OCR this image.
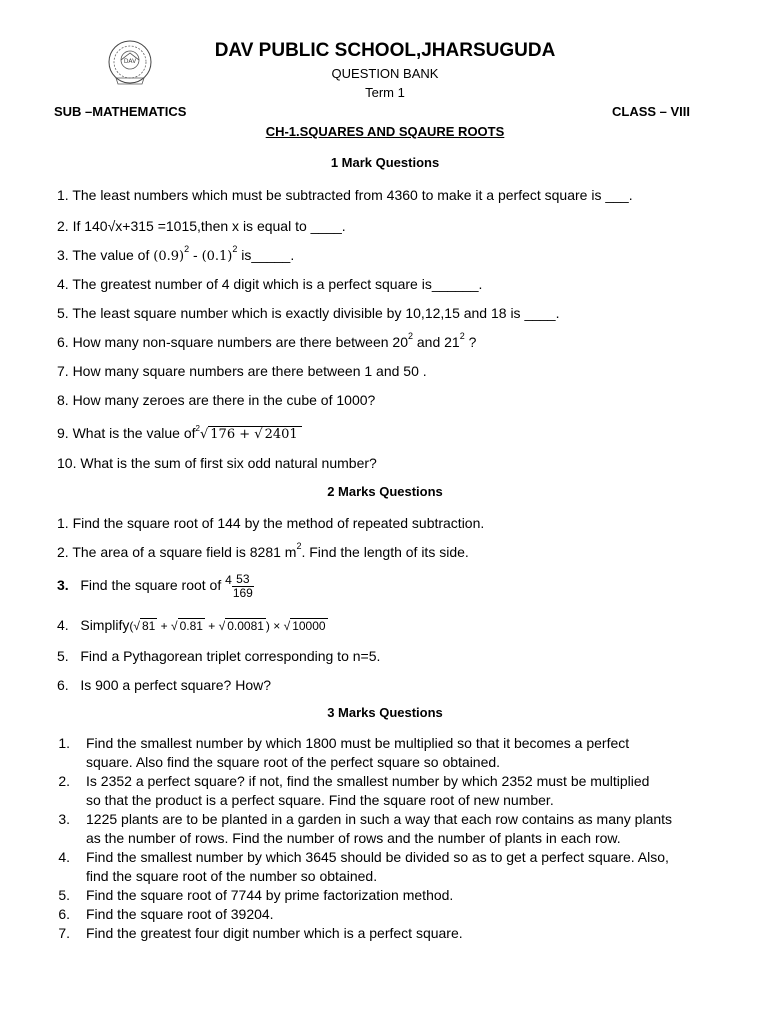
DAV
DAV PUBLIC SCHOOL,JHARSUGUDA
QUESTION BANK
Term 1
SUB –MATHEMATICS	CLASS – VIII
CH-1.SQUARES AND SQAURE ROOTS
1 Mark Questions
1. The least numbers which must be subtracted from 4360 to make it a perfect square is ___.
2. If 140√x+315 =1015,then x is equal to ____.
3. The value of $(0.9)^2 - (0.1)^2$ is_____.
4. The greatest number of 4 digit which is a perfect square is______.
5. The least square number which is exactly divisible by 10,12,15 and 18 is ____.
6. How many non-square numbers are there between $20^2$ and $21^2$ ?
7. How many square numbers are there between 1 and 50 .
8. How many zeroes are there in the cube of 1000?
9. What is the value $of^2√$ 176 + √ 2401
10. What is the sum of first six odd natural number?
2 Marks Questions
1. Find the square root of 144 by the method of repeated subtraction.
2. The area of a square field is 8281 $m^2$. Find the length of its side.
3. Find the square root of $4 \frac{53}{169}$
4. Simplify(√ 81 + √ 0.81 + √ 0.0081 ) × √ 10000
5. Find a Pythagorean triplet corresponding to n=5.
6. Is 900 a perfect square? How?
3 Marks Questions
1. Find the smallest number by which 1800 must be multiplied so that it becomes a perfect
square. Also find the square root of the perfect square so obtained.
2. Is 2352 a perfect square? if not, find the smallest number by which 2352 must be multiplied
so that the product is a perfect square. Find the square root of new number.
3. 1225 plants are to be planted in a garden in such a way that each row contains as many plants
as the number of rows. Find the number of rows and the number of plants in each row.
4. Find the smallest number by which 3645 should be divided so as to get a perfect square. Also,
find the square root of the number so obtained.
5. Find the square root of 7744 by prime factorization method.
6. Find the square root of 39204.
7. Find the greatest four digit number which is a perfect square.
